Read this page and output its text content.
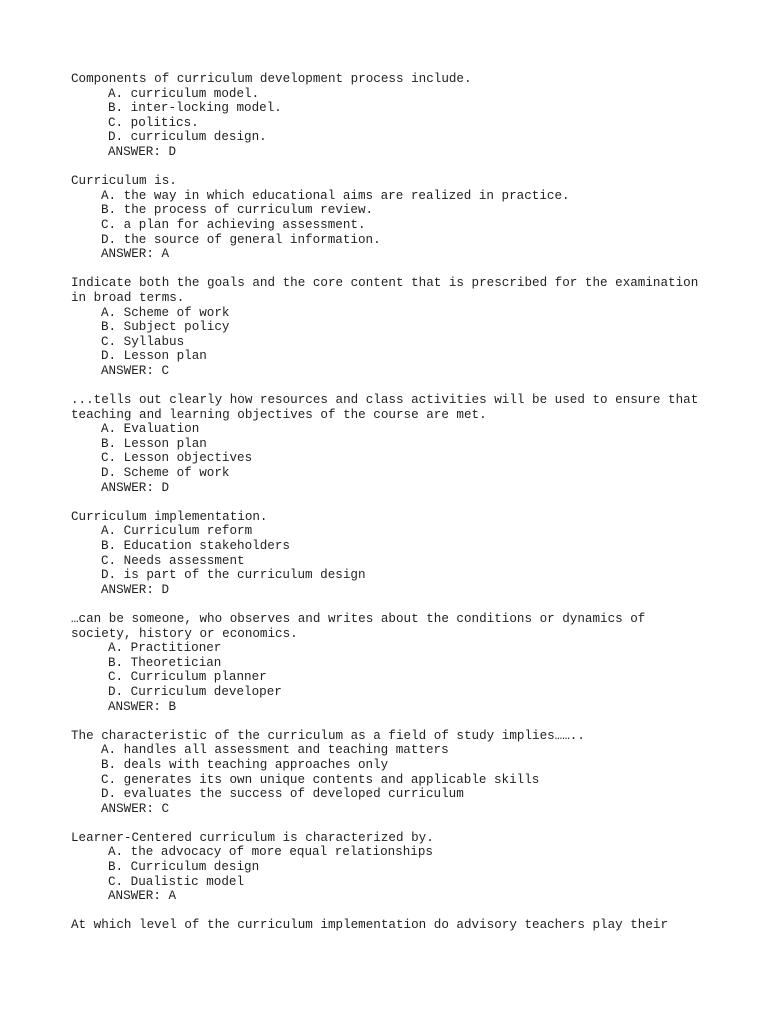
Components of curriculum development process include.
A. curriculum model.
B. inter-locking model.
C. politics.
D. curriculum design.
ANSWER: D
Curriculum is.
A. the way in which educational aims are realized in practice.
B. the process of curriculum review.
C. a plan for achieving assessment.
D. the source of general information.
ANSWER: A
Indicate both the goals and the core content that is prescribed for the examination in broad terms.
A. Scheme of work
B. Subject policy
C. Syllabus
D. Lesson plan
ANSWER: C
...tells out clearly how resources and class activities will be used to ensure that teaching and learning objectives of the course are met.
A. Evaluation
B. Lesson plan
C. Lesson objectives
D. Scheme of work
ANSWER: D
Curriculum implementation.
A. Curriculum reform
B. Education stakeholders
C. Needs assessment
D. is part of the curriculum design
ANSWER: D
…can be someone, who observes and writes about the conditions or dynamics of society, history or economics.
A. Practitioner
B. Theoretician
C. Curriculum planner
D. Curriculum developer
ANSWER: B
The characteristic of the curriculum as a field of study implies……..
A. handles all assessment and teaching matters
B. deals with teaching approaches only
C. generates its own unique contents and applicable skills
D. evaluates the success of developed curriculum
ANSWER: C
Learner-Centered curriculum is characterized by.
A. the advocacy of more equal relationships
B. Curriculum design
C. Dualistic model
ANSWER: A
At which level of the curriculum implementation do advisory teachers play their
